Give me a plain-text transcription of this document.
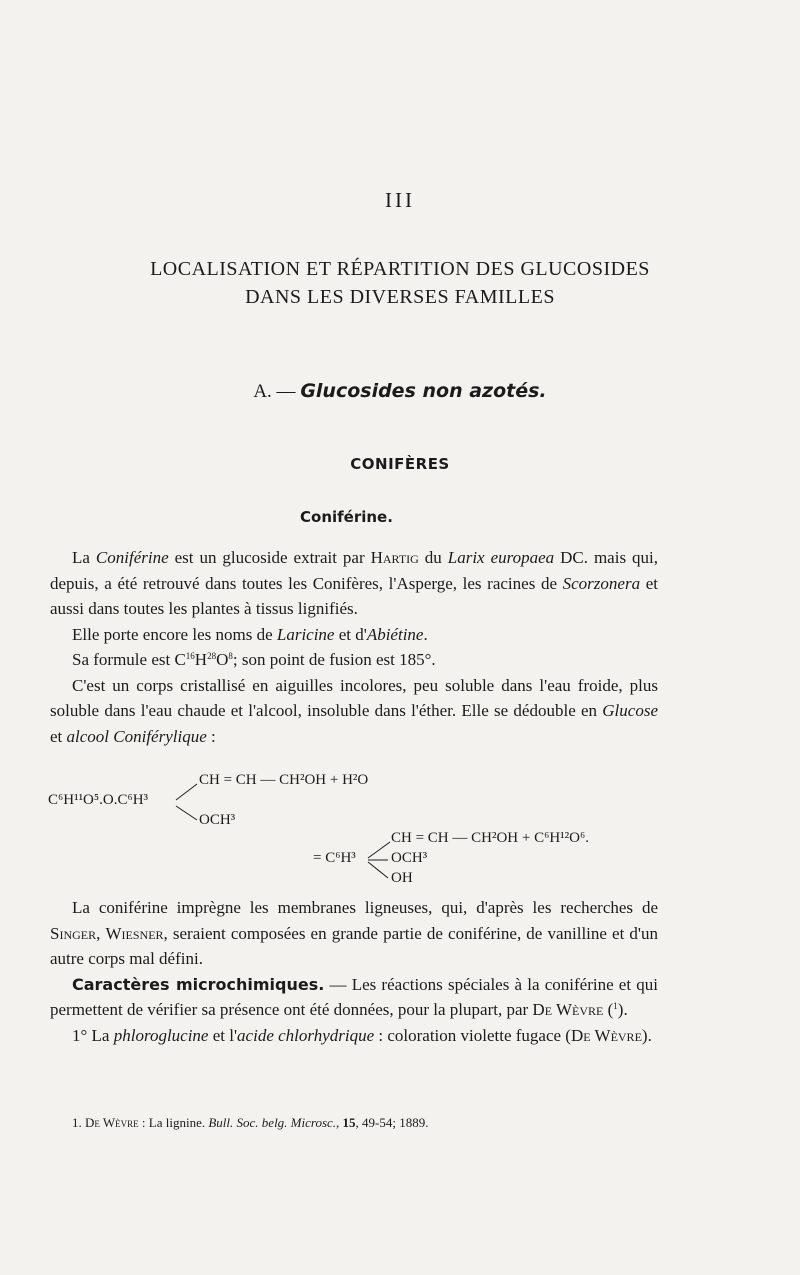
III
LOCALISATION ET RÉPARTITION DES GLUCOSIDES
DANS LES DIVERSES FAMILLES
A. — Glucosides non azotés.
CONIFÈRES
Coniférine.

La Coniférine est un glucoside extrait par Hartig du Larix europaea DC. mais qui, depuis, a été retrouvé dans toutes les Conifères, l'Asperge, les racines de Scorzonera et aussi dans toutes les plantes à tissus lignifiés.

Elle porte encore les noms de Laricine et d'Abiétine.

Sa formule est $C^{16}H^{28}O^8$; son point de fusion est 185°.

C'est un corps cristallisé en aiguilles incolores, peu soluble dans l'eau froide, plus soluble dans l'eau chaude et l'alcool, insoluble dans l'éther. Elle se dédouble en Glucose et alcool Coniférylique :

C⁶H¹¹O⁵.O.C⁶H³
CH = CH — CH²OH + H²O
OCH³
= C⁶H³
CH = CH — CH²OH + C⁶H¹²O⁶.
OCH³
OH

La coniférine imprègne les membranes ligneuses, qui, d'après les recherches de Singer, Wiesner, seraient composées en grande partie de coniférine, de vanilline et d'un autre corps mal défini.

Caractères microchimiques. — Les réactions spéciales à la coniférine et qui permettent de vérifier sa présence ont été données, pour la plupart, par De Wèvre ($^1$).

1° La phloroglucine et l'acide chlorhydrique : coloration violette fugace (De Wèvre).

1. De Wèvre : La lignine. Bull. Soc. belg. Microsc., 15, 49-54; 1889.
